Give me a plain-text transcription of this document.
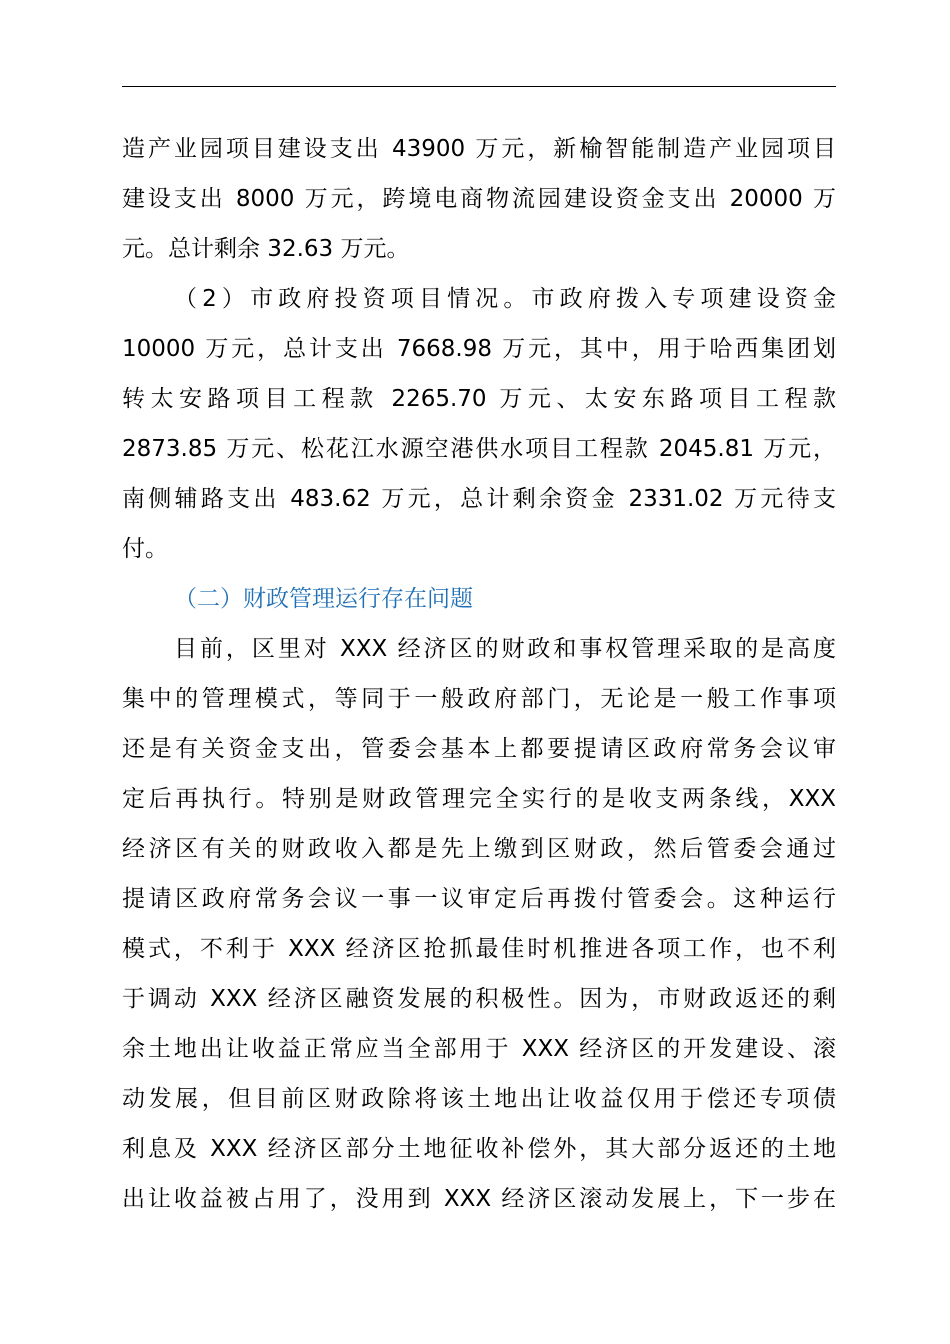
造产业园项目建设支出 43900 万元，新榆智能制造产业园项目
建设支出 8000 万元，跨境电商物流园建设资金支出 20000 万
元。总计剩余 32.63 万元。
（2）市政府投资项目情况。市政府拨入专项建设资金
10000 万元，总计支出 7668.98 万元，其中，用于哈西集团划
转太安路项目工程款 2265.70 万元、太安东路项目工程款
2873.85 万元、松花江水源空港供水项目工程款 2045.81 万元，
南侧辅路支出 483.62 万元，总计剩余资金 2331.02 万元待支
付。
（二）财政管理运行存在问题
目前，区里对 XXX 经济区的财政和事权管理采取的是高度
集中的管理模式，等同于一般政府部门，无论是一般工作事项
还是有关资金支出，管委会基本上都要提请区政府常务会议审
定后再执行。特别是财政管理完全实行的是收支两条线，XXX
经济区有关的财政收入都是先上缴到区财政，然后管委会通过
提请区政府常务会议一事一议审定后再拨付管委会。这种运行
模式，不利于 XXX 经济区抢抓最佳时机推进各项工作，也不利
于调动 XXX 经济区融资发展的积极性。因为，市财政返还的剩
余土地出让收益正常应当全部用于 XXX 经济区的开发建设、滚
动发展，但目前区财政除将该土地出让收益仅用于偿还专项债
利息及 XXX 经济区部分土地征收补偿外，其大部分返还的土地
出让收益被占用了，没用到 XXX 经济区滚动发展上，下一步在
